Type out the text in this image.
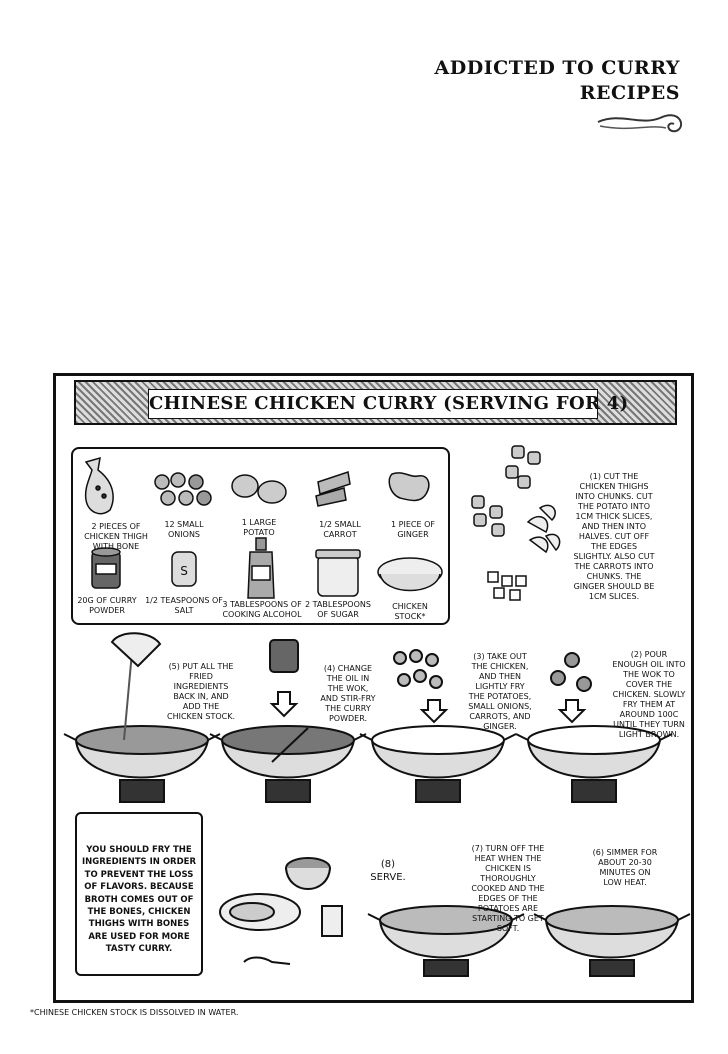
ADDICTED TO CURRY
RECIPES
CHINESE CHICKEN CURRY (SERVING FOR 4)
S
2 PIECES OF CHICKEN THIGH WITH BONE
12 SMALL ONIONS
1 LARGE POTATO
1/2 SMALL CARROT
1 PIECE OF GINGER
20G OF CURRY POWDER
1/2 TEASPOONS OF SALT
3 TABLESPOONS OF COOKING ALCOHOL
2 TABLESPOONS OF SUGAR
CHICKEN STOCK*
(1) CUT THE CHICKEN THIGHS INTO CHUNKS. CUT THE POTATO INTO 1CM THICK SLICES, AND THEN INTO HALVES. CUT OFF THE EDGES SLIGHTLY. ALSO CUT THE CARROTS INTO CHUNKS. THE GINGER SHOULD BE 1CM SLICES.
(2) POUR ENOUGH OIL INTO THE WOK TO COVER THE CHICKEN. SLOWLY FRY THEM AT AROUND 100C UNTIL THEY TURN LIGHT BROWN.
(3) TAKE OUT THE CHICKEN, AND THEN LIGHTLY FRY THE POTATOES, SMALL ONIONS, CARROTS, AND GINGER.
(4) CHANGE THE OIL IN THE WOK, AND STIR-FRY THE CURRY POWDER.
(5) PUT ALL THE FRIED INGREDIENTS BACK IN, AND ADD THE CHICKEN STOCK.
(6) SIMMER FOR ABOUT 20-30 MINUTES ON LOW HEAT.
(7) TURN OFF THE HEAT WHEN THE CHICKEN IS THOROUGHLY COOKED AND THE EDGES OF THE POTATOES ARE STARTING TO GET SOFT.
(8) SERVE.
YOU SHOULD FRY THE INGREDIENTS IN ORDER TO PREVENT THE LOSS OF FLAVORS. BECAUSE BROTH COMES OUT OF THE BONES, CHICKEN THIGHS WITH BONES ARE USED FOR MORE TASTY CURRY.
*CHINESE CHICKEN STOCK IS DISSOLVED IN WATER.
